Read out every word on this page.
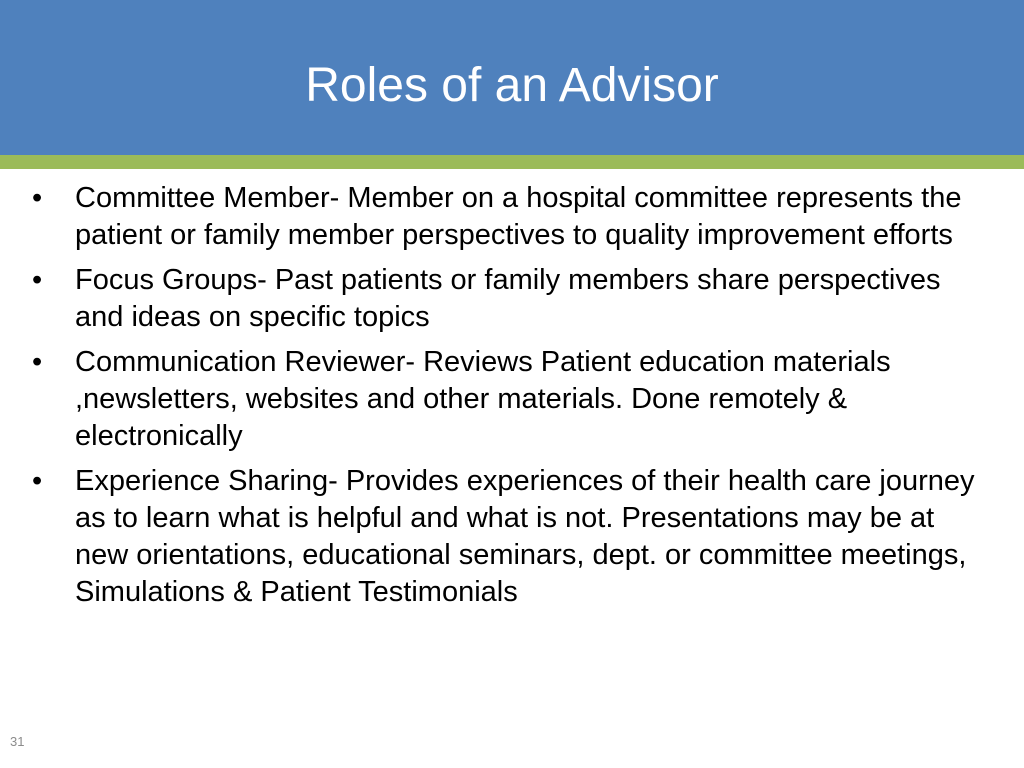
Roles of an Advisor
• Committee Member- Member on a hospital committee represents the patient or family member perspectives to quality improvement efforts
• Focus Groups- Past patients or family members share perspectives and ideas on specific topics
• Communication Reviewer- Reviews Patient education materials ,newsletters, websites and other materials. Done remotely & electronically
• Experience Sharing- Provides experiences of their health care journey as to learn what is helpful and what is not. Presentations may be at new orientations, educational seminars, dept. or committee meetings, Simulations & Patient Testimonials
31
